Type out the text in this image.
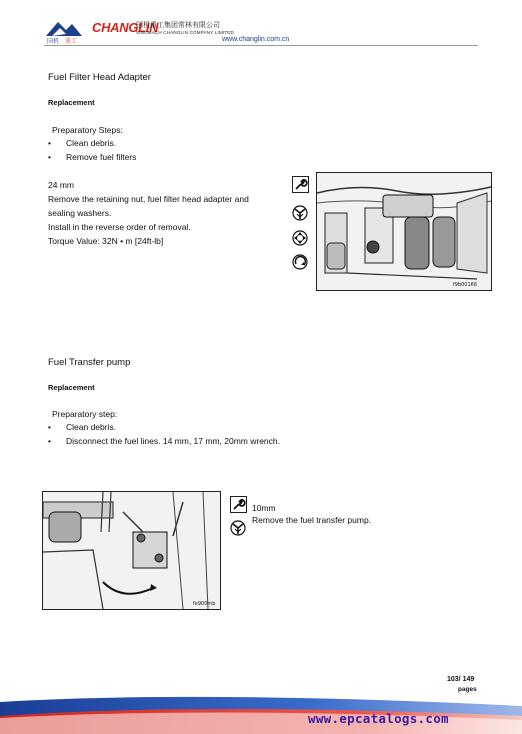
国机 重工
CHANGLIN
国机重工集团常林有限公司
SINOMACH CHANGLIN COMPANY LIMITED
www.changlin.com.cn
Fuel Filter Head Adapter
Replacement
Preparatory Steps:
• Clean debris.
• Remove fuel filters
24 mm
Remove the retaining nut, fuel filter head adapter and
sealing washers.
Install in the reverse order of removal.
Torque Value: 32N • m [24ft-lb]
f9b00166
Fuel Transfer pump
Replacement
Preparatory step:
• Clean debris.
• Disconnect the fuel lines. 14 mm, 17 mm, 20mm wrench.
fe900mb
10mm
Remove the fuel transfer pump.
103/ 149
pages
www.epcatalogs.com
